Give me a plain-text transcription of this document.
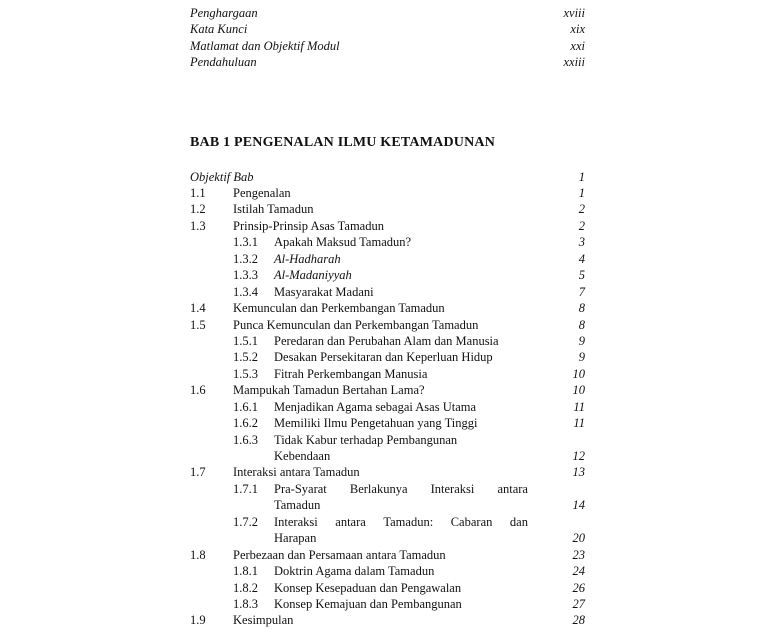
Penghargaan	xviii
Kata Kunci	xix
Matlamat dan Objektif Modul	xxi
Pendahuluan	xxiii
BAB 1 PENGENALAN ILMU KETAMADUNAN
Objektif Bab	1
1.1 Pengenalan	1
1.2 Istilah Tamadun	2
1.3 Prinsip-Prinsip Asas Tamadun	2
1.3.1 Apakah Maksud Tamadun?	3
1.3.2 Al-Hadharah	4
1.3.3 Al-Madaniyyah	5
1.3.4 Masyarakat Madani	7
1.4 Kemunculan dan Perkembangan Tamadun	8
1.5 Punca Kemunculan dan Perkembangan Tamadun	8
1.5.1 Peredaran dan Perubahan Alam dan Manusia	9
1.5.2 Desakan Persekitaran dan Keperluan Hidup	9
1.5.3 Fitrah Perkembangan Manusia	10
1.6 Mampukah Tamadun Bertahan Lama?	10
1.6.1 Menjadikan Agama sebagai Asas Utama	11
1.6.2 Memiliki Ilmu Pengetahuan yang Tinggi	11
1.6.3 Tidak Kabur terhadap Pembangunan
Kebendaan	12
1.7 Interaksi antara Tamadun	13
1.7.1 Pra-Syarat Berlakunya Interaksi antara
Tamadun	14
1.7.2 Interaksi antara Tamadun: Cabaran dan
Harapan	20
1.8 Perbezaan dan Persamaan antara Tamadun	23
1.8.1 Doktrin Agama dalam Tamadun	24
1.8.2 Konsep Kesepaduan dan Pengawalan	26
1.8.3 Konsep Kemajuan dan Pembangunan	27
1.9 Kesimpulan	28
